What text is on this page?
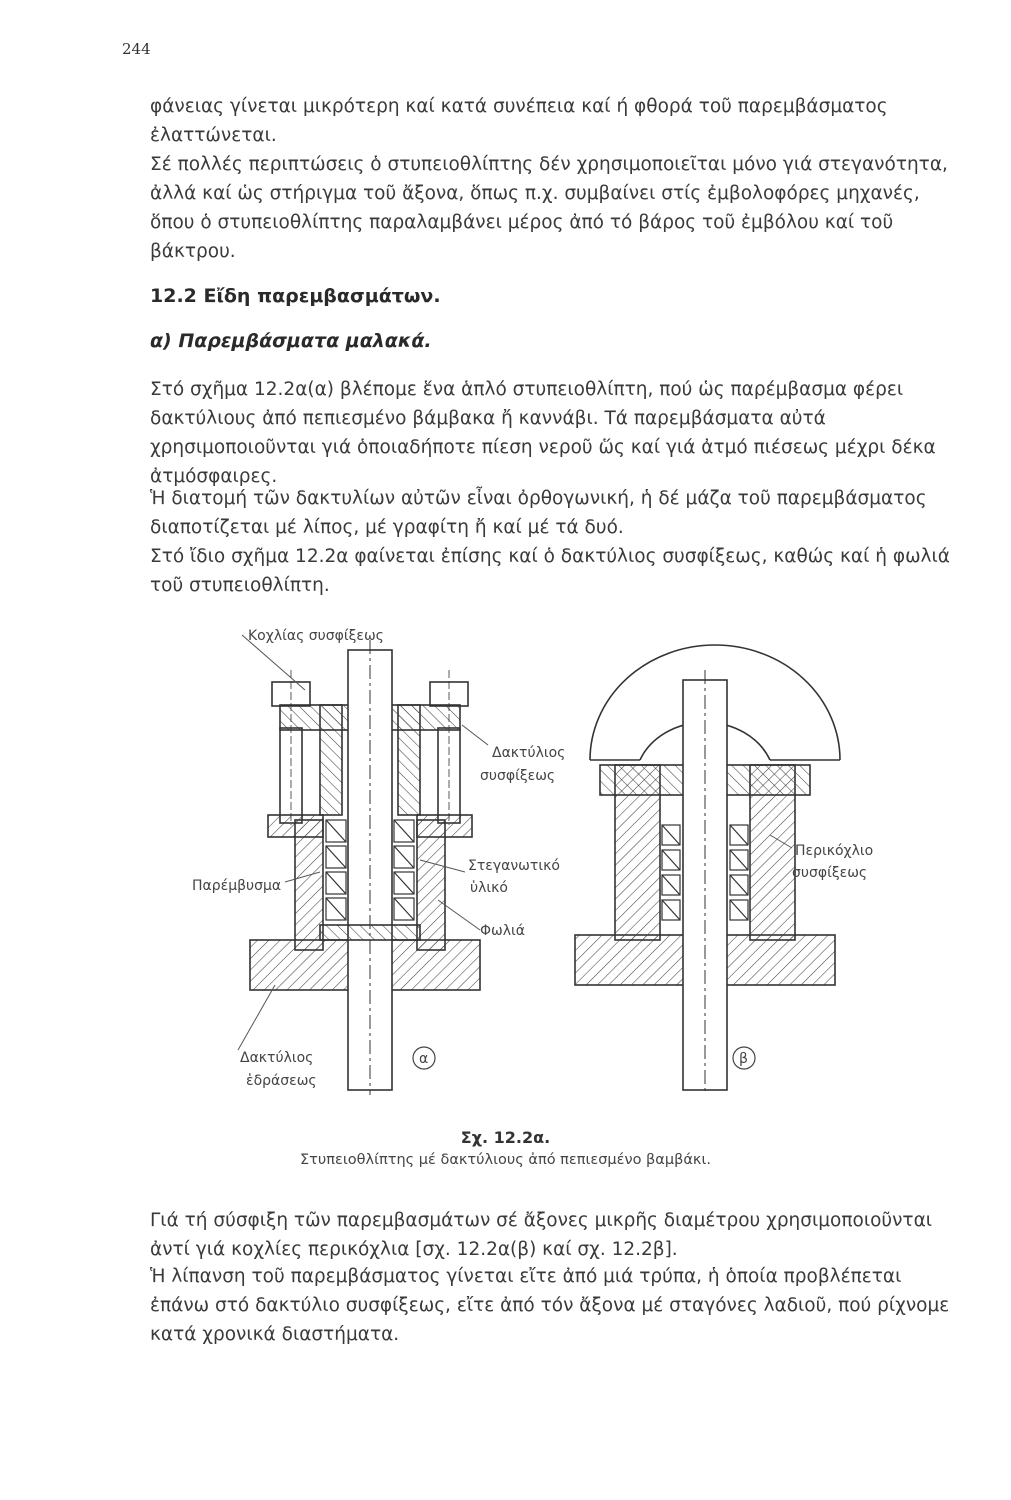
244

φάνειας γίνεται μικρότερη καί κατά συνέπεια καί ή φθορά τοῦ παρεμβάσματος ἐλαττώνεται.

Σέ πολλές περιπτώσεις ὁ στυπειοθλίπτης δέν χρησιμοποιεῖται μόνο γιά στεγανότητα, ἀλλά καί ὡς στήριγμα τοῦ ἄξονα, ὅπως π.χ. συμβαίνει στίς ἐμβολοφόρες μηχανές, ὅπου ὁ στυπειοθλίπτης παραλαμβάνει μέρος ἀπό τό βάρος τοῦ ἐμβόλου καί τοῦ βάκτρου.

12.2 Εἴδη παρεμβασμάτων.
α) Παρεμβάσματα μαλακά.

Στό σχῆμα 12.2α(α) βλέπομε ἕνα ἁπλό στυπειοθλίπτη, πού ὡς παρέμβασμα φέρει δακτύλιους ἀπό πεπιεσμένο βάμβακα ἤ καννάβι. Τά παρεμβάσματα αὐτά χρησιμοποιοῦνται γιά ὁποιαδήποτε πίεση νεροῦ ὥς καί γιά ἀτμό πιέσεως μέχρι δέκα ἀτμόσφαιρες.

Ἡ διατομή τῶν δακτυλίων αὐτῶν εἶναι ὀρθογωνική, ἡ δέ μάζα τοῦ παρεμβάσματος διαποτίζεται μέ λίπος, μέ γραφίτη ἤ καί μέ τά δυό.

Στό ἴδιο σχῆμα 12.2α φαίνεται ἐπίσης καί ὁ δακτύλιος συσφίξεως, καθώς καί ἡ φωλιά τοῦ στυπειοθλίπτη.

Κοχλίας συσφίξεως
Δακτύλιος
συσφίξεως
Στεγανωτικό
ὑλικό
Παρέμβυσμα
Φωλιά
Δακτύλιος
ἑδράσεως
Περικόχλιο
συσφίξεως
α	β
Σχ. 12.2α.
Στυπειοθλίπτης μέ δακτύλιους ἀπό πεπιεσμένο βαμβάκι.

Γιά τή σύσφιξη τῶν παρεμβασμάτων σέ ἄξονες μικρῆς διαμέτρου χρησιμοποιοῦνται ἀντί γιά κοχλίες περικόχλια [σχ. 12.2α(β) καί σχ. 12.2β].

Ἡ λίπανση τοῦ παρεμβάσματος γίνεται εἴτε ἀπό μιά τρύπα, ἡ ὁποία προβλέπεται ἐπάνω στό δακτύλιο συσφίξεως, εἴτε ἀπό τόν ἄξονα μέ σταγόνες λαδιοῦ, πού ρίχνομε κατά χρονικά διαστήματα.
